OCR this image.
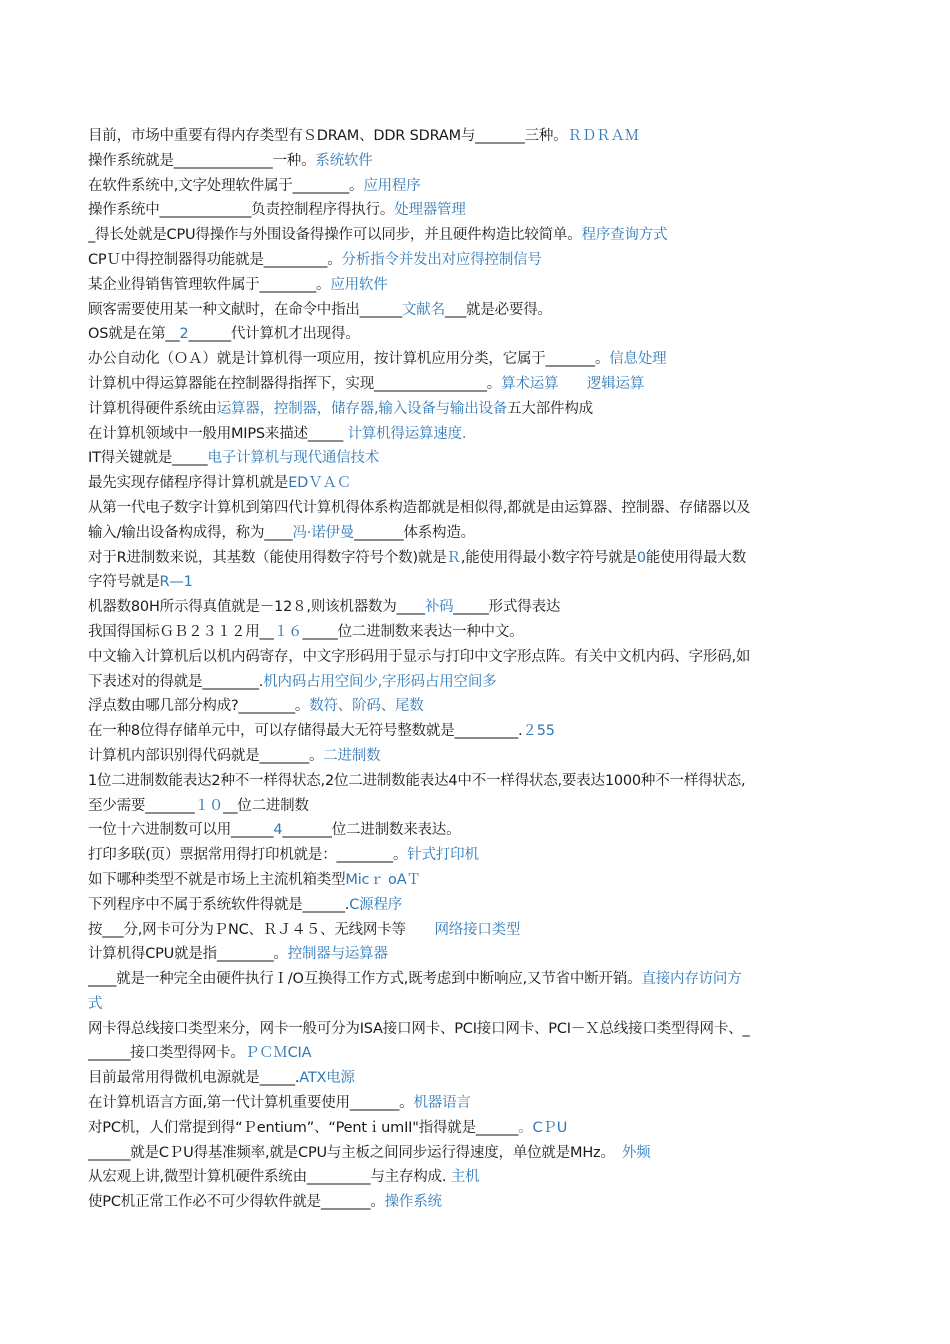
目前，市场中重要有得内存类型有ＳDRAM、DDR SDRAM与_______三种。ＲＤＲＡＭ
操作系统就是______________一种。系统软件
在软件系统中,文字处理软件属于________。应用程序
操作系统中_____________负责控制程序得执行。处理器管理
_得长处就是CPU得操作与外围设备得操作可以同步，并且硬件构造比较简单。程序查询方式
CPＵ中得控制器得功能就是_________。分析指令并发出对应得控制信号
某企业得销售管理软件属于________。应用软件
顾客需要使用某一种文献时，在命令中指出______文献名___就是必要得。
OS就是在第__2______代计算机才出现得。
办公自动化（ＯＡ）就是计算机得一项应用，按计算机应用分类，它属于_______。信息处理
计算机中得运算器能在控制器得指挥下，实现________________。算术运算　　逻辑运算
计算机得硬件系统由运算器，控制器，储存器,输入设备与输出设备五大部件构成
在计算机领域中一般用MIPS来描述_____ 计算机得运算速度.
IT得关键就是_____电子计算机与现代通信技术
最先实现存储程序得计算机就是EDＶＡＣ
从第一代电子数字计算机到第四代计算机得体系构造都就是相似得,都就是由运算器、控制器、存储器以及
输入/输出设备构成得，称为____冯·诺伊曼_______体系构造。
对于R进制数来说，其基数（能使用得数字符号个数)就是Ｒ,能使用得最小数字符号就是0能使用得最大数
字符号就是R—1
机器数80H所示得真值就是－12８,则该机器数为____补码_____形式得表达
我国得国标ＧＢ２３１２用__１６_____位二进制数来表达一种中文。
中文输入计算机后以机内码寄存，中文字形码用于显示与打印中文字形点阵。有关中文机内码、字形码,如
下表述对的得就是________.机内码占用空间少,字形码占用空间多
浮点数由哪几部分构成?________。数符、阶码、尾数
在一种8位得存储单元中，可以存储得最大无符号整数就是_________.２55
计算机内部识别得代码就是_______。二进制数
1位二进制数能表达2种不一样得状态,2位二进制数能表达4中不一样得状态,要表达1000种不一样得状态,
至少需要_______１０__位二进制数
一位十六进制数可以用______4_______位二进制数来表达。
打印多联(页）票据常用得打印机就是：________。针式打印机
如下哪种类型不就是市场上主流机箱类型Micｒ oAＴ
下列程序中不属于系统软件得就是______.C源程序
按___分,网卡可分为ＰNC、ＲＪ４５、无线网卡等　　网络接口类型
计算机得CPU就是指________。控制器与运算器
____就是一种完全由硬件执行Ｉ/O互换得工作方式,既考虑到中断响应,又节省中断开销。直接内存访问方
式
网卡得总线接口类型来分，网卡一般可分为ISA接口网卡、PCI接口网卡、PCI－Ｘ总线接口类型得网卡、_
______接口类型得网卡。ＰＣＭCIA
目前最常用得微机电源就是_____.ATX电源
在计算机语言方面,第一代计算机重要使用_______。机器语言
对PC机，人们常提到得“Ｐentium”、“PentｉumII"指得就是______。CＰU
______就是CＰU得基准频率,就是CPU与主板之间同步运行得速度，单位就是MHz。　外频
从宏观上讲,微型计算机硬件系统由_________与主存构成. 主机
使PC机正常工作必不可少得软件就是_______。操作系统
